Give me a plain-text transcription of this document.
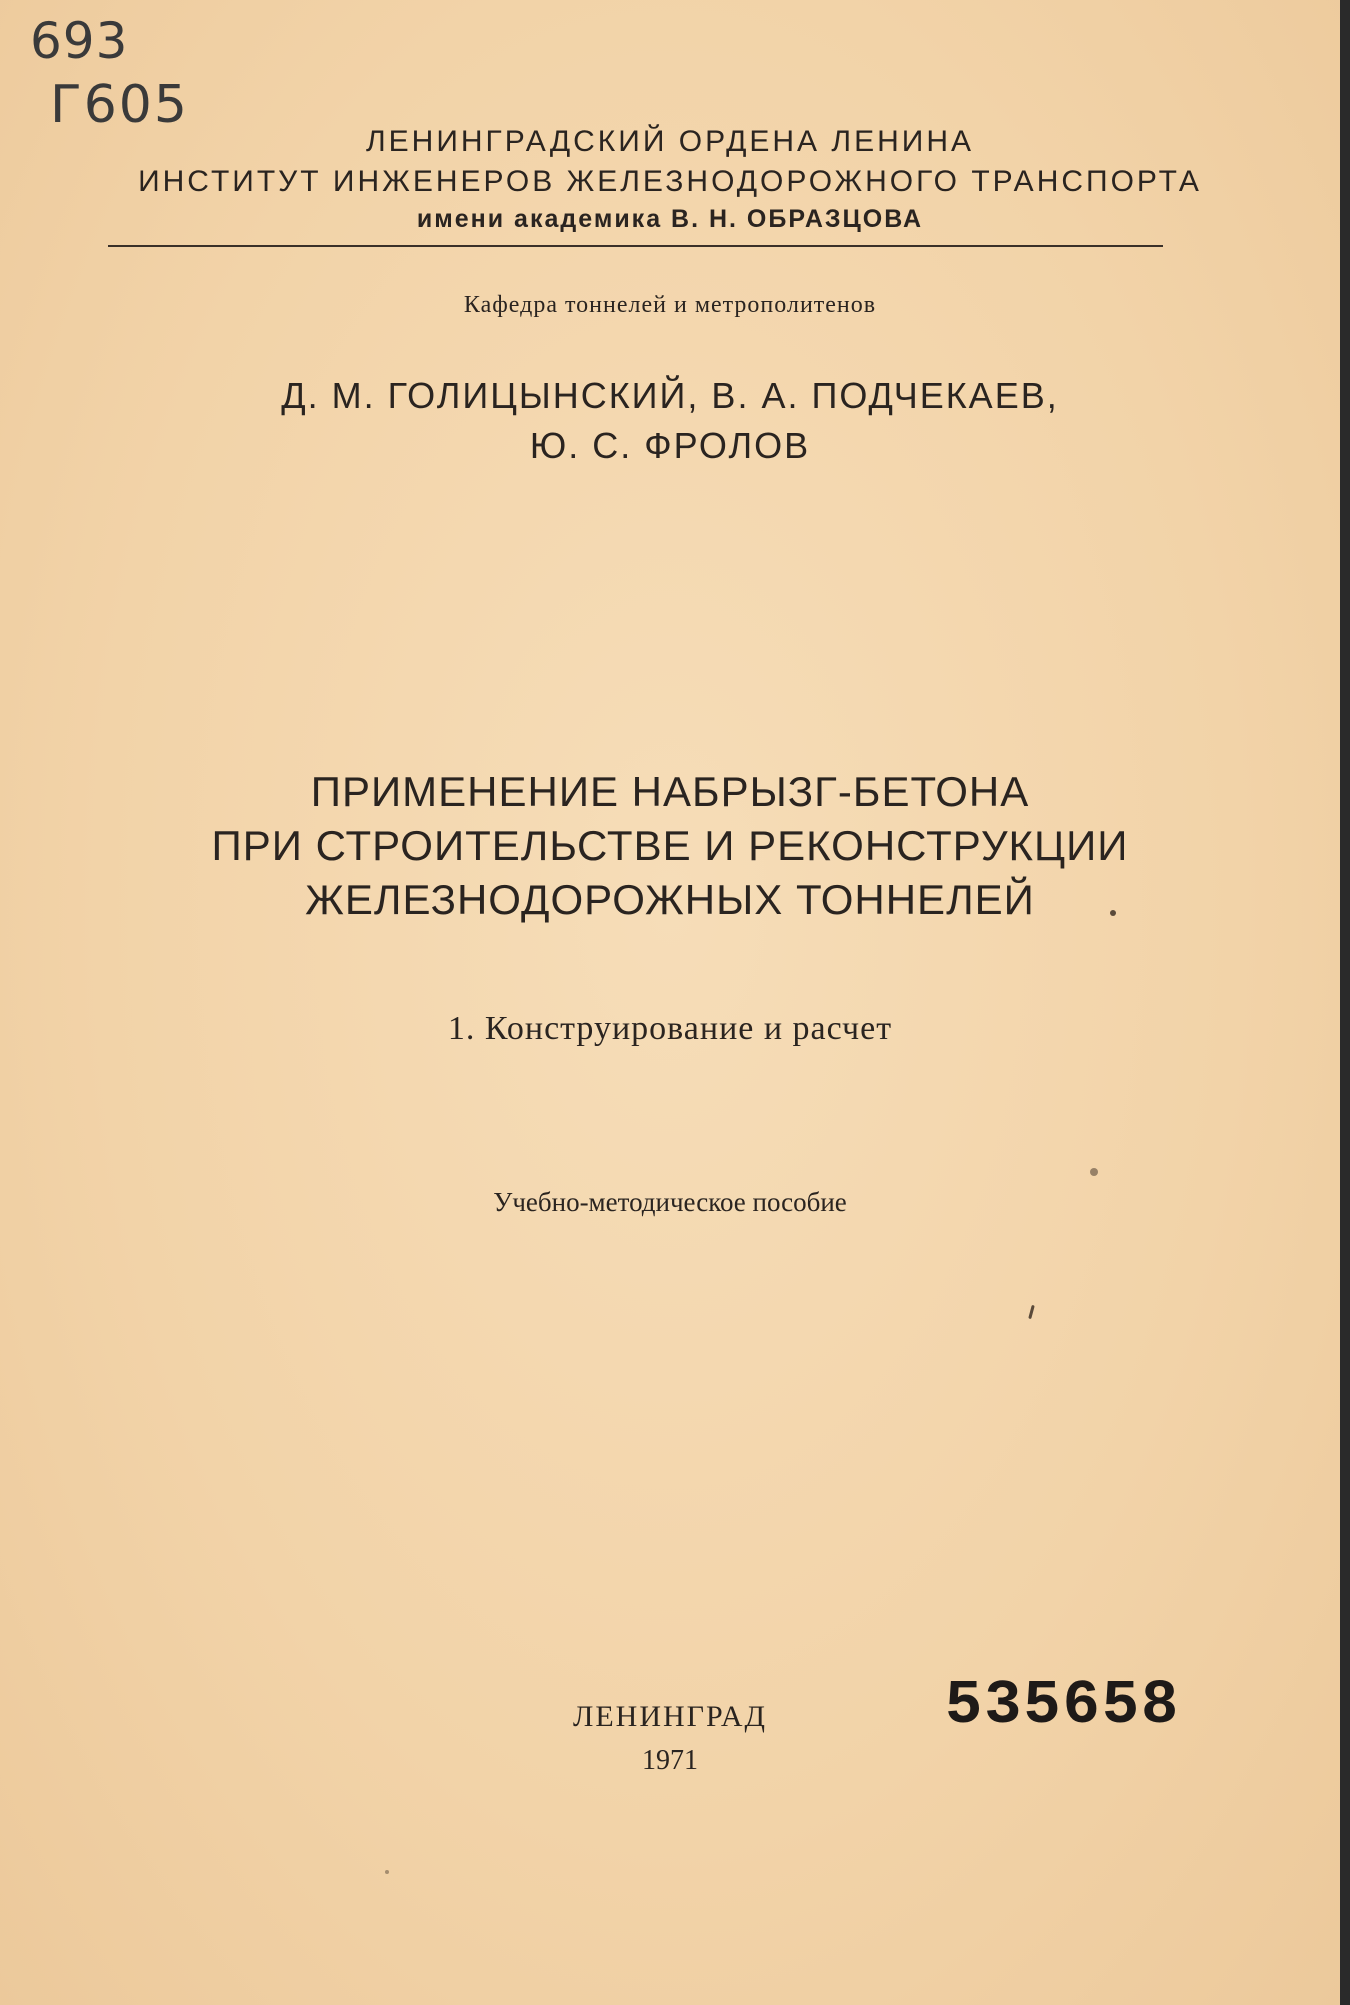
693
Г605
ЛЕНИНГРАДСКИЙ ОРДЕНА ЛЕНИНА
ИНСТИТУТ ИНЖЕНЕРОВ ЖЕЛЕЗНОДОРОЖНОГО ТРАНСПОРТА
имени академика В. Н. ОБРАЗЦОВА
Кафедра тоннелей и метрополитенов
Д. М. ГОЛИЦЫНСКИЙ, В. А. ПОДЧЕКАЕВ,
Ю. С. ФРОЛОВ
ПРИМЕНЕНИЕ НАБРЫЗГ-БЕТОНА
ПРИ СТРОИТЕЛЬСТВЕ И РЕКОНСТРУКЦИИ
ЖЕЛЕЗНОДОРОЖНЫХ ТОННЕЛЕЙ
1. Конструирование и расчет
Учебно-методическое пособие
535658
ЛЕНИНГРАД
1971
